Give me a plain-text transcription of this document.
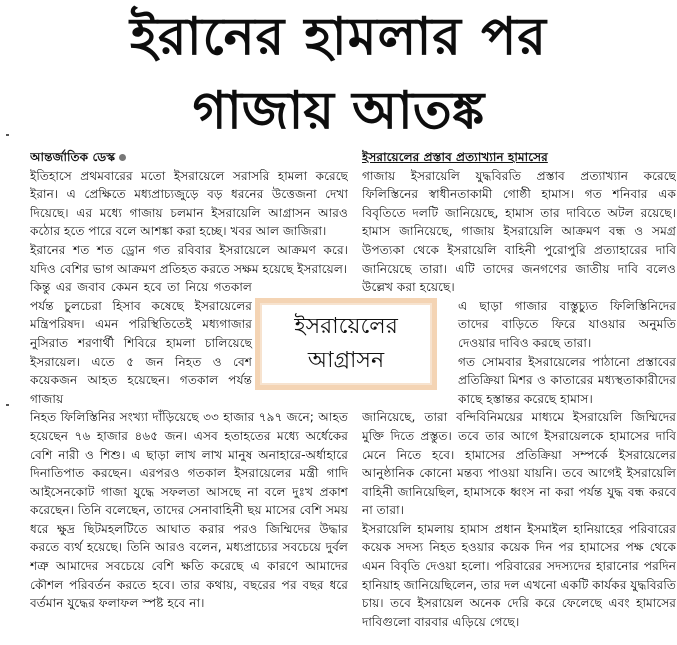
ইরানের হামলার পর
গাজায় আতঙ্ক
আন্তর্জাতিক ডেস্ক
ইতিহাসে প্রথমবারের মতো ইসরায়েলে সরাসরি হামলা করেছে ইরান। এ প্রেক্ষিতে মধ্যপ্রাচ্যজুড়ে বড় ধরনের উত্তেজনা দেখা দিয়েছে। এর মধ্যে গাজায় চলমান ইসরায়েলি আগ্রাসন আরও কঠোর হতে পারে বলে আশঙ্কা করা হচ্ছে। খবর আল জাজিরা।
ইরানের শত শত ড্রোন গত রবিবার ইসরায়েলে আক্রমণ করে। যদিও বেশির ভাগ আক্রমণ প্রতিহত করতে সক্ষম হয়েছে ইসরায়েল।
কিন্তু এর জবাব কেমন হবে তা নিয়ে গতকাল পর্যন্ত চুলচেরা হিসাব কষেছে ইসরায়েলের মন্ত্রিপরিষদ। এমন পরিস্থিতিতেই মধ্যগাজার নুসিরাত শরণার্থী শিবিরে হামলা চালিয়েছে ইসরায়েল। এতে ৫ জন নিহত ও বেশ কয়েকজন আহত হয়েছেন। গতকাল পর্যন্ত গাজায়
নিহত ফিলিস্তিনির সংখ্যা দাঁড়িয়েছে ৩৩ হাজার ৭৯৭ জনে; আহত হয়েছেন ৭৬ হাজার ৪৬৫ জন। এসব হতাহতের মধ্যে অর্ধেকের বেশি নারী ও শিশু। এ ছাড়া লাখ লাখ মানুষ অনাহারে-অর্ধাহারে দিনাতিপাত করছেন। এরপরও গতকাল ইসরায়েলের মন্ত্রী গাদি আইসেনকোট গাজা যুদ্ধে সফলতা আসছে না বলে দুঃখ প্রকাশ করেছেন। তিনি বলেছেন, তাদের সেনাবাহিনী ছয় মাসের বেশি সময় ধরে ক্ষুদ্র ছিটমহলটিতে আঘাত করার পরও জিম্মিদের উদ্ধার করতে ব্যর্থ হয়েছে। তিনি আরও বলেন, মধ্যপ্রাচ্যের সবচেয়ে দুর্বল শত্রু আমাদের সবচেয়ে বেশি ক্ষতি করেছে এ কারণে আমাদের কৌশল পরিবর্তন করতে হবে। তার কথায়, বছরের পর বছর ধরে বর্তমান যুদ্ধের ফলাফল স্পষ্ট হবে না।
ইসরায়েলের প্রস্তাব প্রত্যাখ্যান হামাসের
গাজায় ইসরায়েলি যুদ্ধবিরতি প্রস্তাব প্রত্যাখ্যান করেছে ফিলিস্তিনের স্বাধীনতাকামী গোষ্ঠী হামাস। গত শনিবার এক বিবৃতিতে দলটি জানিয়েছে, হামাস তার দাবিতে অটল রয়েছে। হামাস জানিয়েছে, গাজায় ইসরায়েলি আক্রমণ বন্ধ ও সমগ্র উপত্যকা থেকে ইসরায়েলি বাহিনী পুরোপুরি প্রত্যাহারের দাবি জানিয়েছে তারা। এটি তাদের জনগণের জাতীয় দাবি বলেও উল্লেখ করা হয়েছে।
এ ছাড়া গাজার বাস্তুচ্যুত ফিলিস্তিনিদের তাদের বাড়িতে ফিরে যাওয়ার অনুমতি দেওয়ার দাবিও করছে তারা।
গত সোমবার ইসরায়েলের পাঠানো প্রস্তাবের প্রতিক্রিয়া মিশর ও কাতারের মধ্যস্থতাকারীদের কাছে হস্তান্তর করেছে হামাস।
জানিয়েছে, তারা বন্দিবিনিময়ের মাধ্যমে ইসরায়েলি জিম্মিদের মুক্তি দিতে প্রস্তুত। তবে তার আগে ইসরায়েলকে হামাসের দাবি মেনে নিতে হবে। হামাসের প্রতিক্রিয়া সম্পর্কে ইসরায়েলের আনুষ্ঠানিক কোনো মন্তব্য পাওয়া যায়নি। তবে আগেই ইসরায়েলি বাহিনী জানিয়েছিল, হামাসকে ধ্বংস না করা পর্যন্ত যুদ্ধ বন্ধ করবে না তারা।
ইসরায়েলি হামলায় হামাস প্রধান ইসমাইল হানিয়াহের পরিবারের কয়েক সদস্য নিহত হওয়ার কয়েক দিন পর হামাসের পক্ষ থেকে এমন বিবৃতি দেওয়া হলো। পরিবারের সদস্যদের হারানোর পরদিন হানিয়াহ জানিয়েছিলেন, তার দল এখনো একটি কার্যকর যুদ্ধবিরতি চায়। তবে ইসরায়েল অনেক দেরি করে ফেলেছে এবং হামাসের দাবিগুলো বারবার এড়িয়ে গেছে।
ইসরায়েলের
আগ্রাসন
